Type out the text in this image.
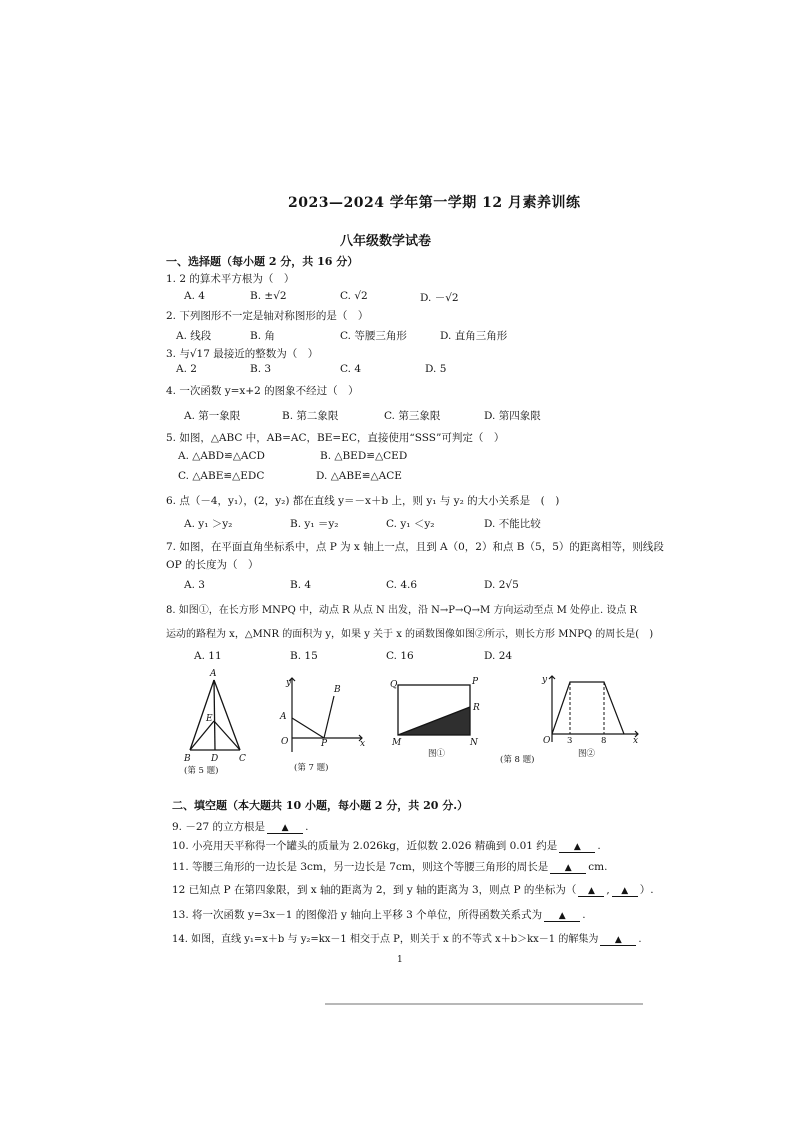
2023—2024 学年第一学期 12 月素养训练
八年级数学试卷
一、选择题（每小题 2 分，共 16 分）
1. 2 的算术平方根为（　）
A. 4	B. ±√2	C. √2	D. －√2
2. 下列图形不一定是轴对称图形的是（　）
A. 线段	B. 角	C. 等腰三角形	D. 直角三角形
3. 与√17 最接近的整数为（　）
A. 2	B. 3	C. 4	D. 5
4. 一次函数 y=x+2 的图象不经过（　）
A. 第一象限	B. 第二象限	C. 第三象限	D. 第四象限
5. 如图，△ABC 中，AB=AC，BE=EC，直接使用“SSS”可判定（　）
A. △ABD≌△ACD	B. △BED≌△CED
C. △ABE≌△EDC	D. △ABE≌△ACE
6. 点（－4，y₁），(2，y₂) 都在直线 y＝－x＋b 上，则 y₁ 与 y₂ 的大小关系是　(　)
A. y₁ ＞y₂	B. y₁ ＝y₂	C. y₁ ＜y₂	D. 不能比较
7. 如图，在平面直角坐标系中，点 P 为 x 轴上一点，且到 A（0，2）和点 B（5，5）的距离相等，则线段
OP 的长度为（　）
A. 3	B. 4	C. 4.6	D. 2√5
8. 如图①，在长方形 MNPQ 中，动点 R 从点 N 出发，沿 N→P→Q→M 方向运动至点 M 处停止. 设点 R
运动的路程为 x，△MNR 的面积为 y，如果 y 关于 x 的函数图像如图②所示，则长方形 MNPQ 的周长是(　)
A. 11	B. 15	C. 16	D. 24
A
E
B D C
(第 5 题)
y
B
A
O	P	x
(第 7 题)
Q	P
R
M	N
图①
y
O 3	8	x
(第 8 题)
图②
二、填空题（本大题共 10 小题，每小题 2 分，共 20 分.）
9. －27 的立方根是 ▲ .
10. 小亮用天平称得一个罐头的质量为 2.026kg，近似数 2.026 精确到 0.01 约是 ▲ .
11. 等腰三角形的一边长是 3cm，另一边长是 7cm，则这个等腰三角形的周长是 ▲ cm.
12 已知点 P 在第四象限，到 x 轴的距离为 2，到 y 轴的距离为 3，则点 P 的坐标为（ ▲ , ▲ ）.
13. 将一次函数 y=3x－1 的图像沿 y 轴向上平移 3 个单位，所得函数关系式为 ▲ .
14. 如图，直线 y₁=x＋b 与 y₂=kx－1 相交于点 P，则关于 x 的不等式 x＋b＞kx－1 的解集为 ▲ .
1
